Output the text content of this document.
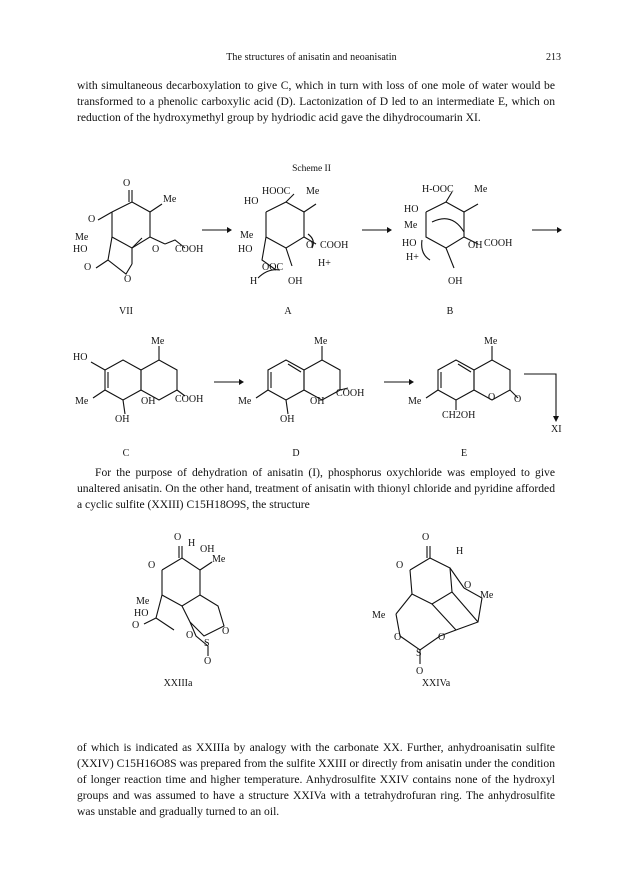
The structures of anisatin and neoanisatin	213

with simultaneous decarboxylation to give C, which in turn with loss of one mole of water would be transformed to a phenolic carboxylic acid (D). Lactonization of D led to an intermediate E, which on reduction of the hydroxymethyl group by hydriodic acid gave the dihydrocoumarin XI.

Scheme II
O
O
Me
Me
HO	O COOH
O
O
HOOC Me
HO
Me
HO	O COOH
H+
OOC
H	OH
H-OOC Me
HO
Me
HO
H+
OH COOH
OH
VII	A	B
Me
HO
Me	OH COOH
OH
Me
Me	OH
COOH
OH
Me
Me	O O
CH2OH
XI
C	D	E

For the purpose of dehydration of anisatin (I), phosphorus oxychloride was employed to give unaltered anisatin. On the other hand, treatment of anisatin with thionyl chloride and pyridine afforded a cyclic sulfite (XXIII) C15H18O9S, the structure

O
H
OH
O
Me
Me
HO
O
O	O
S
O
O
H
O
O
Me
Me
O	O
S
O
XXIIIa	XXIVa

of which is indicated as XXIIIa by analogy with the carbonate XX. Further, anhydroanisatin sulfite (XXIV) C15H16O8S was prepared from the sulfite XXIII or directly from anisatin under the condition of longer reaction time and higher temperature. Anhydrosulfite XXIV contains none of the hydroxyl groups and was assumed to have a structure XXIVa with a tetrahydrofuran ring. The anhydrosulfite was unstable and gradually turned to an oil.
